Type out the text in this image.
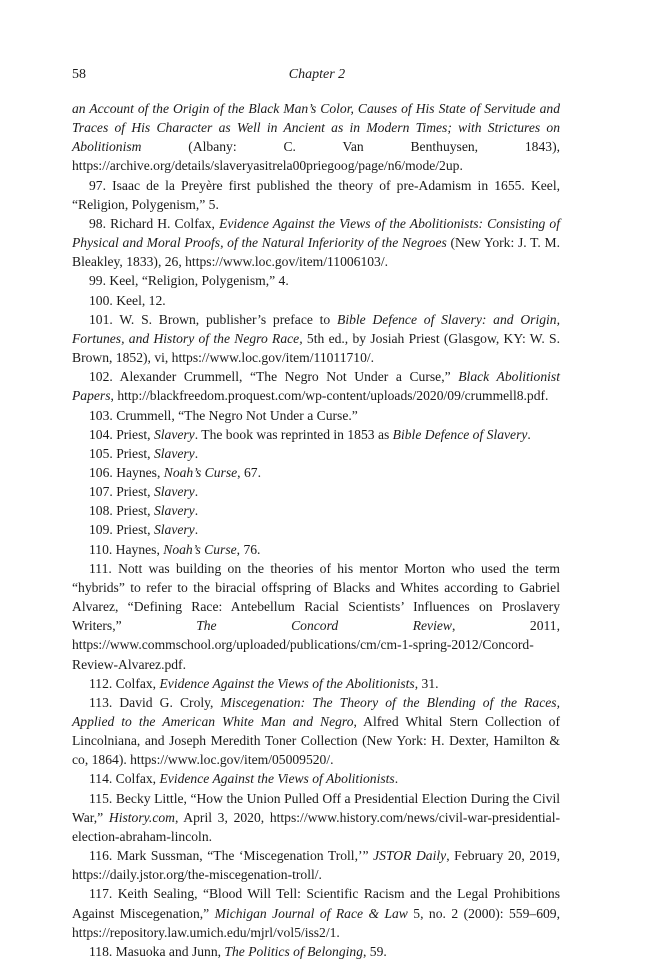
58	Chapter 2

an Account of the Origin of the Black Man’s Color, Causes of His State of Servitude and Traces of His Character as Well in Ancient as in Modern Times; with Strictures on Abolitionism (Albany: C. Van Benthuysen, 1843), https://archive.org/details/slaveryasitrela00priegoog/page/n6/mode/2up.

97. Isaac de la Preyère first published the theory of pre-Adamism in 1655. Keel, “Religion, Polygenism,” 5.

98. Richard H. Colfax, Evidence Against the Views of the Abolitionists: Consisting of Physical and Moral Proofs, of the Natural Inferiority of the Negroes (New York: J. T. M. Bleakley, 1833), 26, https://www.loc.gov/item/11006103/.

99. Keel, “Religion, Polygenism,” 4.

100. Keel, 12.

101. W. S. Brown, publisher’s preface to Bible Defence of Slavery: and Origin, Fortunes, and History of the Negro Race, 5th ed., by Josiah Priest (Glasgow, KY: W. S. Brown, 1852), vi, https://www.loc.gov/item/11011710/.

102. Alexander Crummell, “The Negro Not Under a Curse,” Black Abolitionist Papers, http://blackfreedom.proquest.com/wp-content/uploads/2020/09/crummell8.pdf.

103. Crummell, “The Negro Not Under a Curse.”

104. Priest, Slavery. The book was reprinted in 1853 as Bible Defence of Slavery.

105. Priest, Slavery.

106. Haynes, Noah’s Curse, 67.

107. Priest, Slavery.

108. Priest, Slavery.

109. Priest, Slavery.

110. Haynes, Noah’s Curse, 76.

111. Nott was building on the theories of his mentor Morton who used the term “hybrids” to refer to the biracial offspring of Blacks and Whites according to Gabriel Alvarez, “Defining Race: Antebellum Racial Scientists’ Influences on Proslavery Writers,” The Concord Review, 2011, https://www.commschool.org/uploaded/publications/cm/cm-1-spring-2012/Concord-Review-Alvarez.pdf.

112. Colfax, Evidence Against the Views of the Abolitionists, 31.

113. David G. Croly, Miscegenation: The Theory of the Blending of the Races, Applied to the American White Man and Negro, Alfred Whital Stern Collection of Lincolniana, and Joseph Meredith Toner Collection (New York: H. Dexter, Hamilton & co, 1864). https://www.loc.gov/item/05009520/.

114. Colfax, Evidence Against the Views of Abolitionists.

115. Becky Little, “How the Union Pulled Off a Presidential Election During the Civil War,” History.com, April 3, 2020, https://www.history.com/news/civil-war-presidential-election-abraham-lincoln.

116. Mark Sussman, “The ‘Miscegenation Troll,’” JSTOR Daily, February 20, 2019, https://daily.jstor.org/the-miscegenation-troll/.

117. Keith Sealing, “Blood Will Tell: Scientific Racism and the Legal Prohibitions Against Miscegenation,” Michigan Journal of Race & Law 5, no. 2 (2000): 559–609, https://repository.law.umich.edu/mjrl/vol5/iss2/1.

118. Masuoka and Junn, The Politics of Belonging, 59.
